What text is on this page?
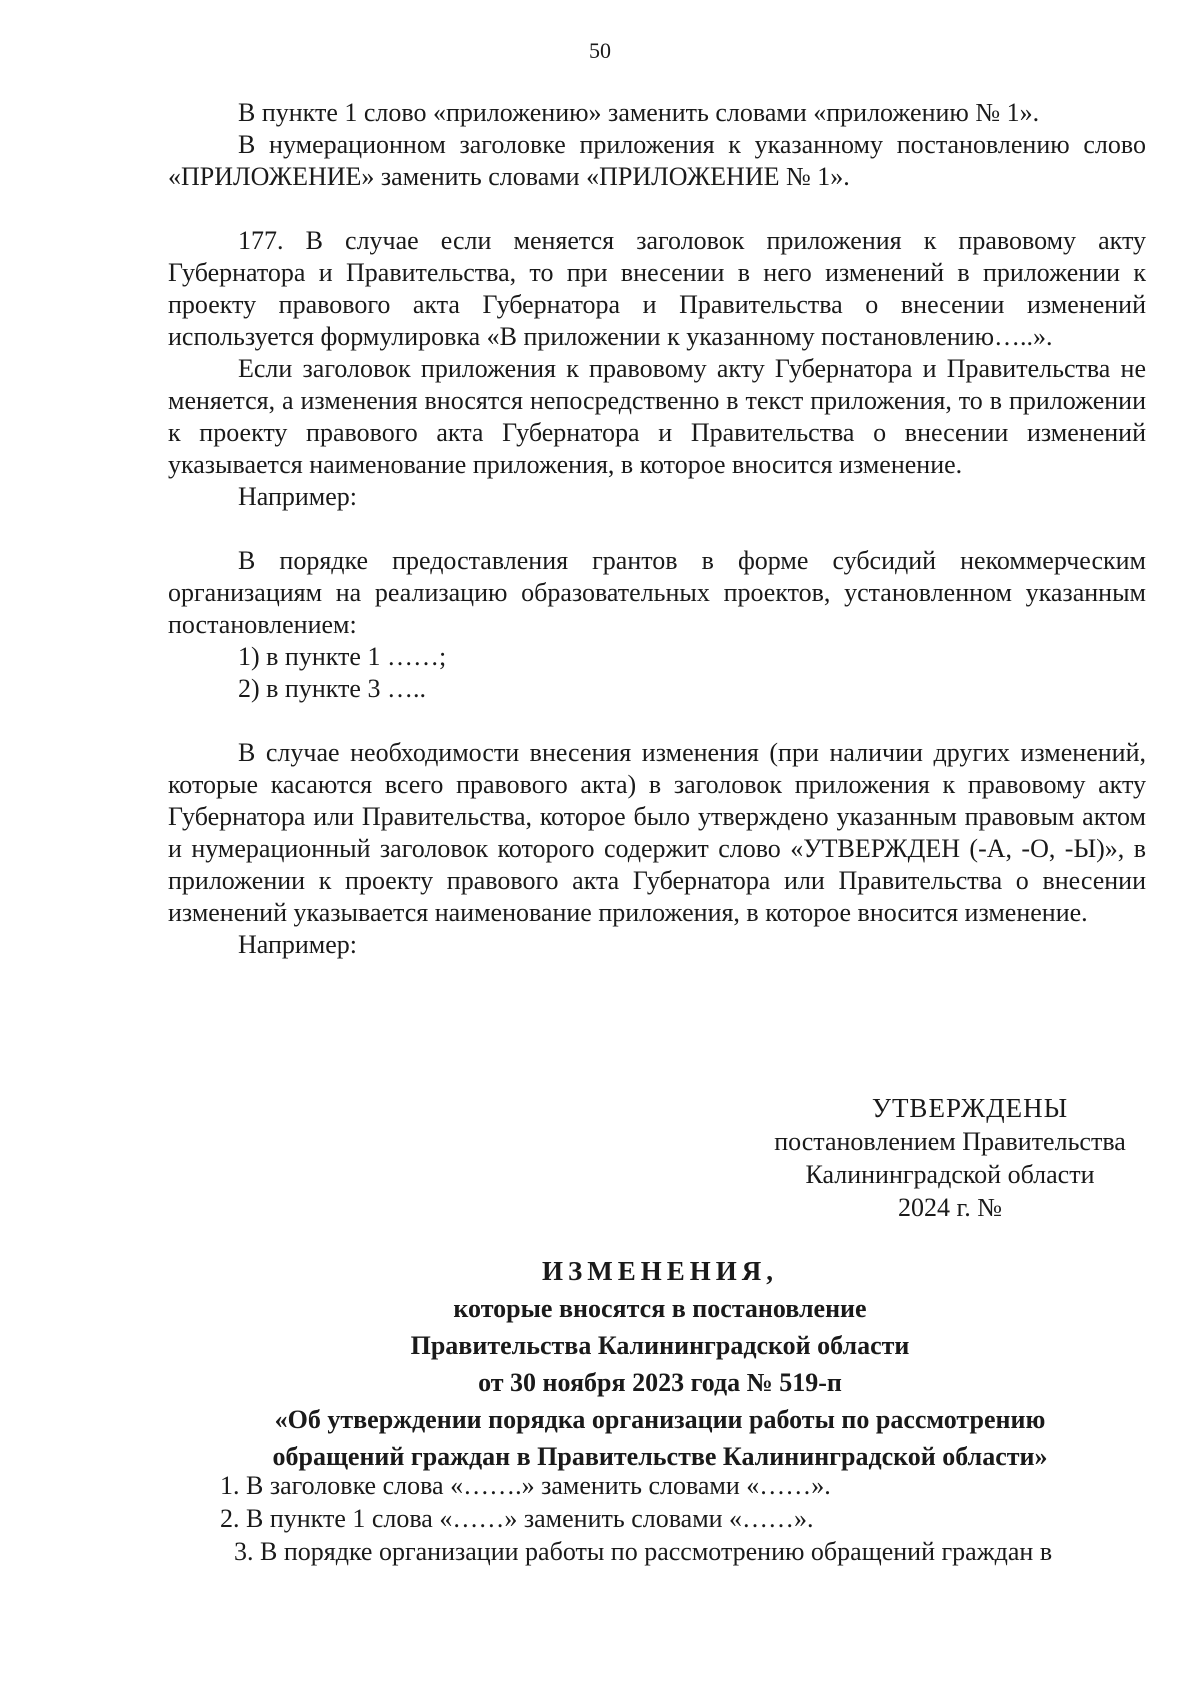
50

В пункте 1 слово «приложению» заменить словами «приложению № 1».

В нумерационном заголовке приложения к указанному постановлению слово «ПРИЛОЖЕНИЕ» заменить словами «ПРИЛОЖЕНИЕ № 1».

177. В случае если меняется заголовок приложения к правовому акту Губернатора и Правительства, то при внесении в него изменений в приложении к проекту правового акта Губернатора и Правительства о внесении изменений используется формулировка «В приложении к указанному постановлению…..».

Если заголовок приложения к правовому акту Губернатора и Правительства не меняется, а изменения вносятся непосредственно в текст приложения, то в приложении к проекту правового акта Губернатора и Правительства о внесении изменений указывается наименование приложения, в которое вносится изменение.

Например:

В порядке предоставления грантов в форме субсидий некоммерческим организациям на реализацию образовательных проектов, установленном указанным постановлением:

1) в пункте 1 ……;

2) в пункте 3 …..

В случае необходимости внесения изменения (при наличии других изменений, которые касаются всего правового акта) в заголовок приложения к правовому акту Губернатора или Правительства, которое было утверждено указанным правовым актом и нумерационный заголовок которого содержит слово «УТВЕРЖДЕН (-А, -О, -Ы)», в приложении к проекту правового акта Губернатора или Правительства о внесении изменений указывается наименование приложения, в которое вносится изменение.

Например:

УТВЕРЖДЕНЫ
постановлением Правительства
Калининградской области
2024 г. №
ИЗМЕНЕНИЯ,
которые вносятся в постановление
Правительства Калининградской области
от 30 ноября 2023 года № 519-п
«Об утверждении порядка организации работы по рассмотрению
обращений граждан в Правительстве Калининградской области»

1. В заголовке слова «…….» заменить словами «……».

2. В пункте 1 слова «……» заменить словами «……».

3. В порядке организации работы по рассмотрению обращений граждан в
